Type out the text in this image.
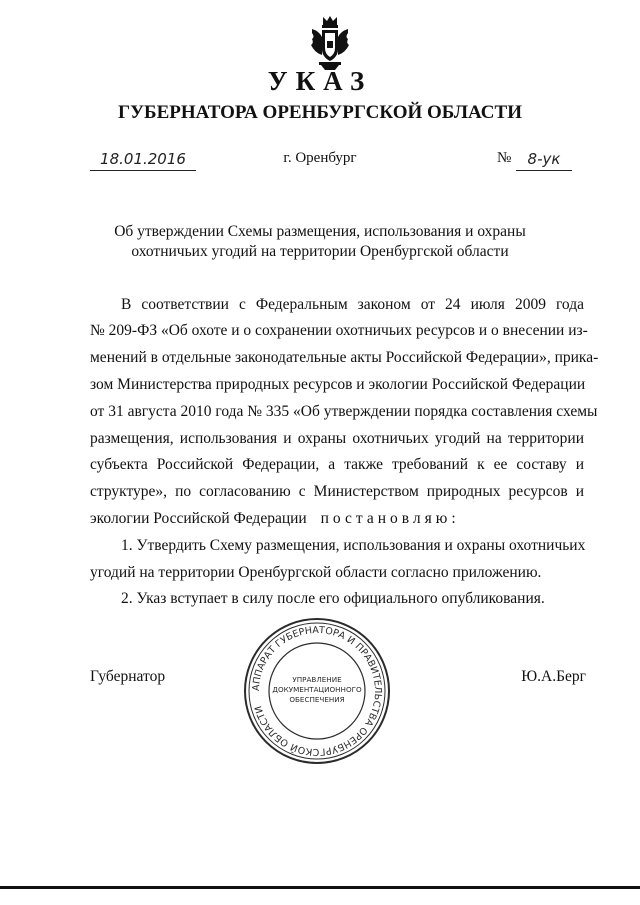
УКАЗ
ГУБЕРНАТОРА ОРЕНБУРГСКОЙ ОБЛАСТИ
18.01.2016	г. Оренбург	№	8-ук
Об утверждении Схемы размещения, использования и охраны
охотничьих угодий на территории Оренбургской области
В соответствии с Федеральным законом от 24 июля 2009 года
№ 209-ФЗ «Об охоте и о сохранении охотничьих ресурсов и о внесении из-
менений в отдельные законодательные акты Российской Федерации», прика-
зом Министерства природных ресурсов и экологии Российской Федерации
от 31 августа 2010 года № 335 «Об утверждении порядка составления схемы
размещения, использования и охраны охотничьих угодий на территории
субъекта Российской Федерации, а также требований к ее составу и
структуре», по согласованию с Министерством природных ресурсов и
экологии Российской Федерации постановляю:
1. Утвердить Схему размещения, использования и охраны охотничьих
угодий на территории Оренбургской области согласно приложению.
2. Указ вступает в силу после его официального опубликования.
Губернатор	Ю.А.Берг
АППАРАТ ГУБЕРНАТОРА И ПРАВИТЕЛЬСТВА ОРЕНБУРГСКОЙ ОБЛАСТИ
УПРАВЛЕНИЕ
ДОКУМЕНТАЦИОННОГО
ОБЕСПЕЧЕНИЯ
